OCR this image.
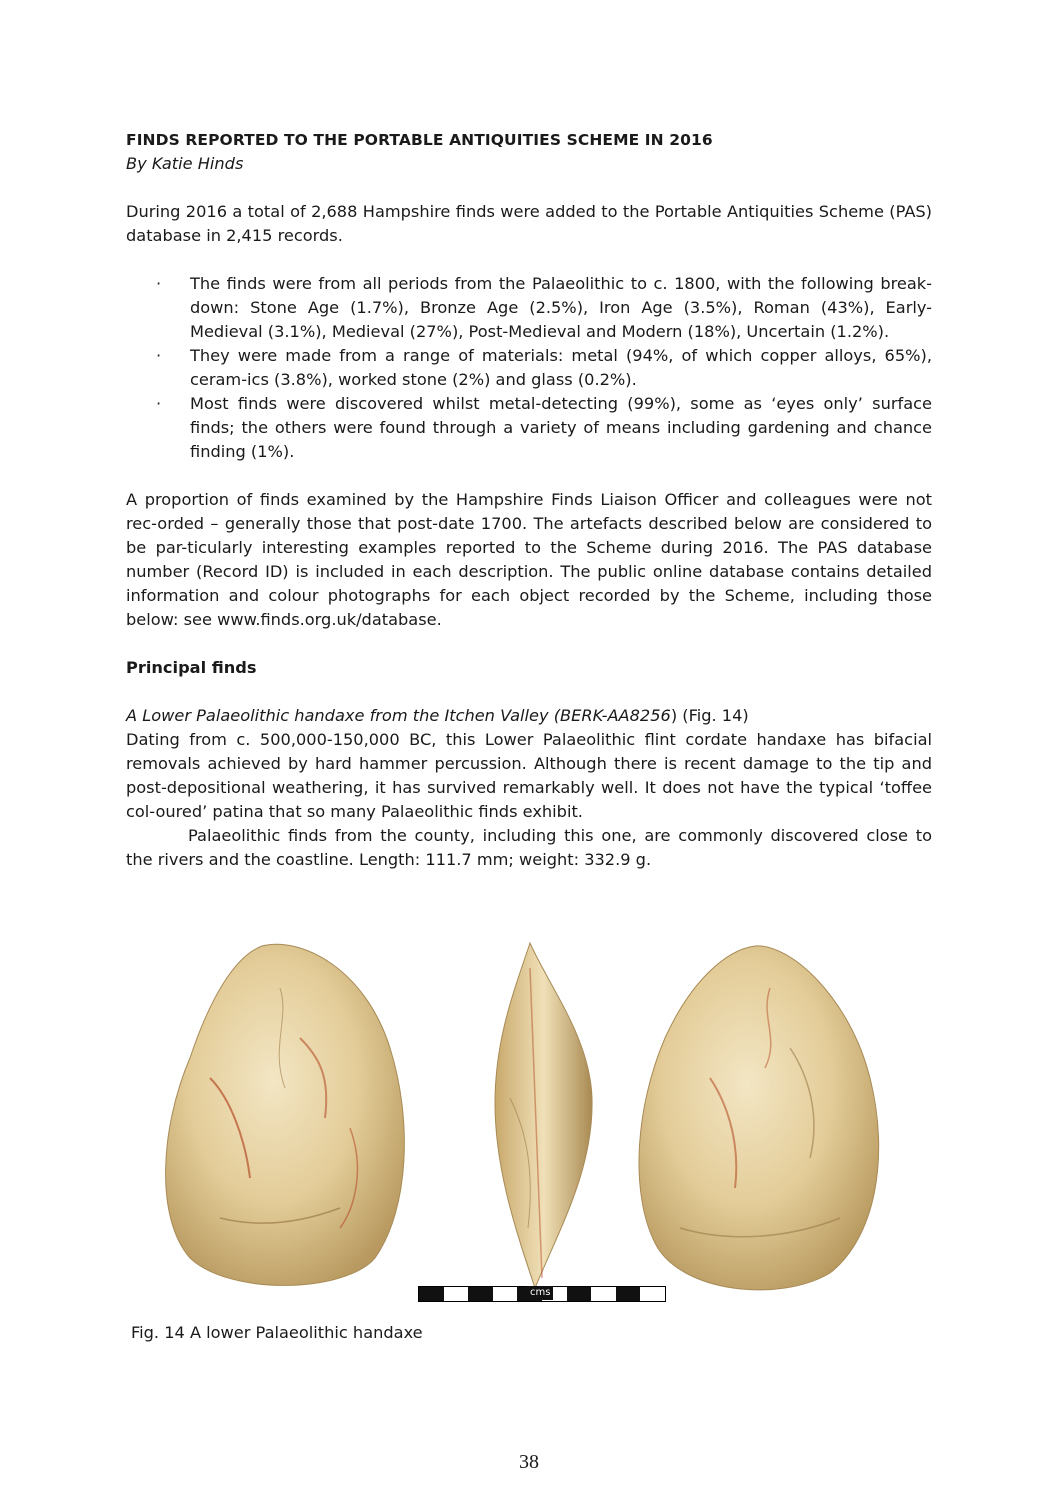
FINDS REPORTED TO THE PORTABLE ANTIQUITIES SCHEME IN 2016
By Katie Hinds

During 2016 a total of 2,688 Hampshire finds were added to the Portable Antiquities Scheme (PAS) database in 2,415 records.

· The finds were from all periods from the Palaeolithic to c. 1800, with the following break-down: Stone Age (1.7%), Bronze Age (2.5%), Iron Age (3.5%), Roman (43%), Early-Medieval (3.1%), Medieval (27%), Post-Medieval and Modern (18%), Uncertain (1.2%).
· They were made from a range of materials: metal (94%, of which copper alloys, 65%), ceram-ics (3.8%), worked stone (2%) and glass (0.2%).
· Most finds were discovered whilst metal-detecting (99%), some as ‘eyes only’ surface finds; the others were found through a variety of means including gardening and chance finding (1%).

A proportion of finds examined by the Hampshire Finds Liaison Officer and colleagues were not rec-orded – generally those that post-date 1700. The artefacts described below are considered to be par-ticularly interesting examples reported to the Scheme during 2016. The PAS database number (Record ID) is included in each description. The public online database contains detailed information and colour photographs for each object recorded by the Scheme, including those below: see www.finds.org.uk/database.

Principal finds
A Lower Palaeolithic handaxe from the Itchen Valley (BERK-AA8256) (Fig. 14)

Dating from c. 500,000-150,000 BC, this Lower Palaeolithic flint cordate handaxe has bifacial removals achieved by hard hammer percussion. Although there is recent damage to the tip and post-depositional weathering, it has survived remarkably well. It does not have the typical ‘toffee col-oured’ patina that so many Palaeolithic finds exhibit.

Palaeolithic finds from the county, including this one, are commonly discovered close to the rivers and the coastline. Length: 111.7 mm; weight: 332.9 g.

cms
Fig. 14 A lower Palaeolithic handaxe
38
